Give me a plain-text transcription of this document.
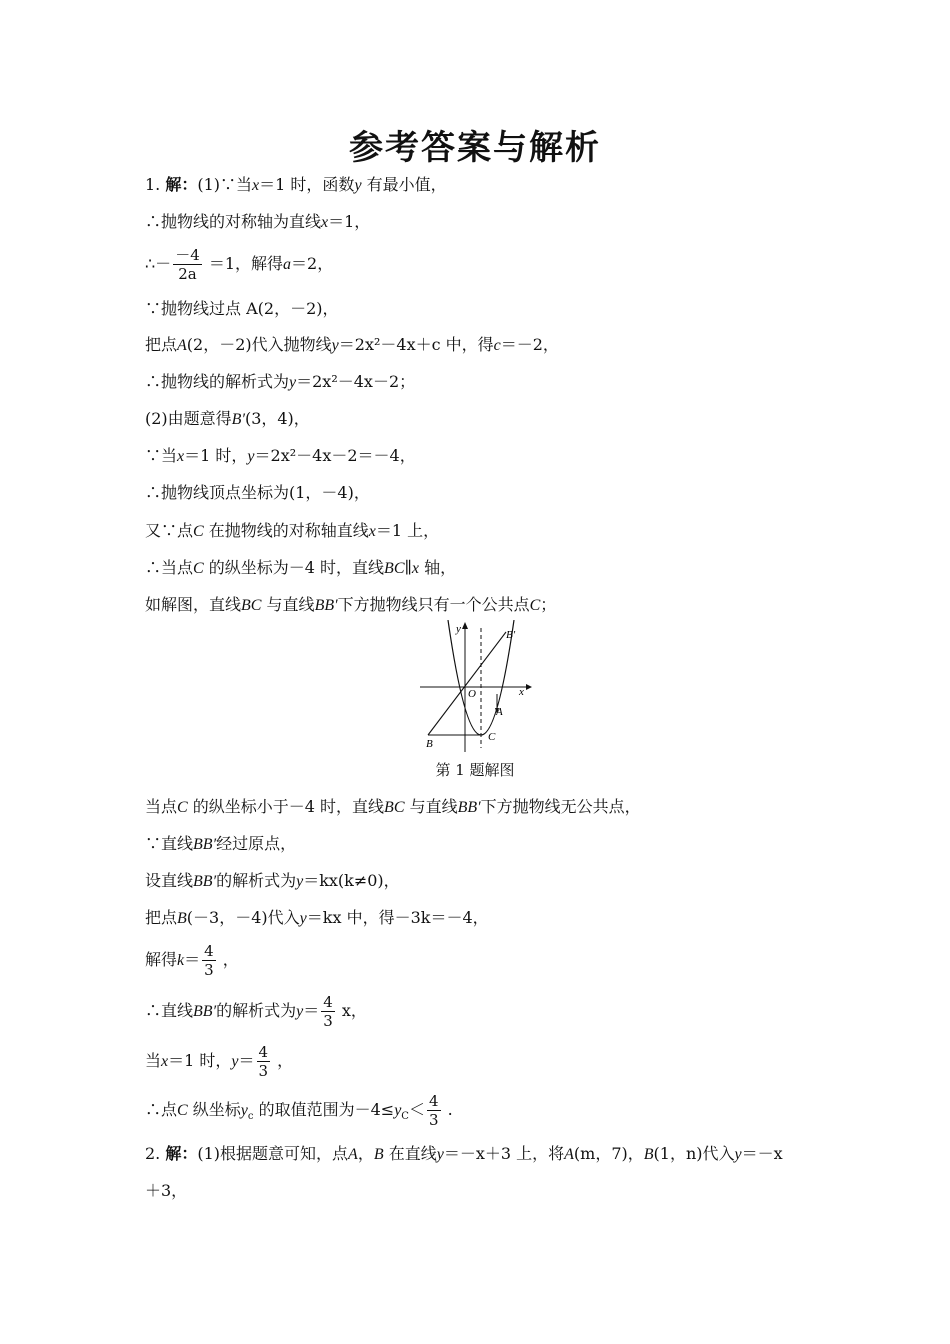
参考答案与解析
1. 解：(1)∵当x＝1 时，函数y 有最小值，
∴抛物线的对称轴为直线x＝1，
∴－ $\frac{-4}{2a} =1$，解得a＝2，
∵抛物线过点 A(2，－2)，
把点A(2，－2)代入抛物线y＝2x²－4x＋c 中，得c＝－2，
∴抛物线的解析式为y＝2x²－4x－2；
(2)由题意得B′(3，4)，
∵当x＝1 时，y＝2x²－4x－2＝－4，
∴抛物线顶点坐标为(1，－4)，
又∵点C 在抛物线的对称轴直线x＝1 上，
∴当点C 的纵坐标为－4 时，直线BC∥x 轴，
如解图，直线BC 与直线BB′下方抛物线只有一个公共点C；
y
x
O
A
B
C
B′
第 1 题解图
当点C 的纵坐标小于－4 时，直线BC 与直线BB′下方抛物线无公共点，
∵直线BB′经过原点，
设直线BB′的解析式为y＝kx(k≠0)，
把点B(－3，－4)代入y＝kx 中，得－3k＝－4，
解得$k= \frac{4}{3}$ ，
∴直线BB′的解析式为$y= \frac{4}{3}$ x，
当x＝1 时，$y= \frac{4}{3}$ ，
∴点C 纵坐标$y_c$ 的取值范围为$-4\le y_C< \frac{4}{3}$ .
2. 解：(1)根据题意可知，点A，B 在直线y＝－x＋3 上，将A(m，7)，B(1，n)代入y＝－x
＋3，
